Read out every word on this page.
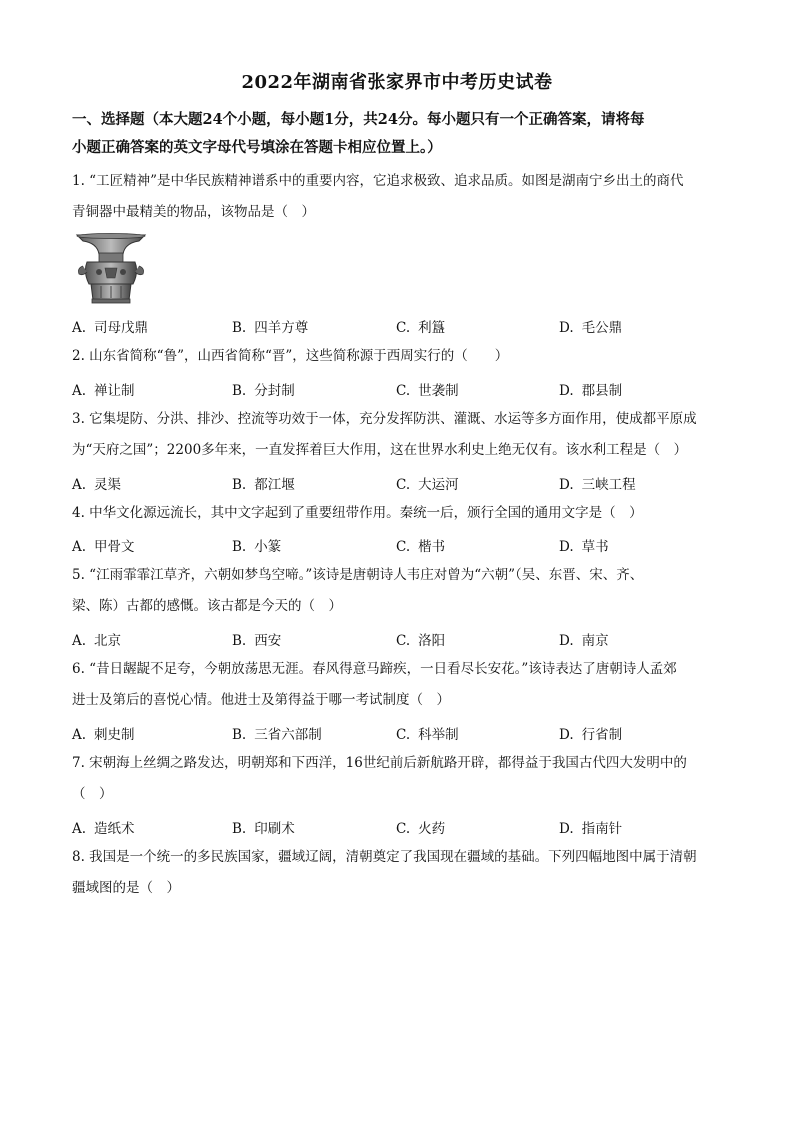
2022年湖南省张家界市中考历史试卷
一、选择题（本大题24个小题，每小题1分，共24分。每小题只有一个正确答案，请将每
小题正确答案的英文字母代号填涂在答题卡相应位置上。）
1. “工匠精神”是中华民族精神谱系中的重要内容，它追求极致、追求品质。如图是湖南宁乡出土的商代
青铜器中最精美的物品，该物品是（　）
A. 司母戊鼎	B. 四羊方尊	C. 利簋	D. 毛公鼎
2. 山东省简称“鲁”，山西省简称“晋”，这些简称源于西周实行的（　　）
A. 禅让制	B. 分封制	C. 世袭制	D. 郡县制
3. 它集堤防、分洪、排沙、控流等功效于一体，充分发挥防洪、灌溉、水运等多方面作用，使成都平原成
为“天府之国”；2200多年来，一直发挥着巨大作用，这在世界水利史上绝无仅有。该水利工程是（　）
A. 灵渠	B. 都江堰	C. 大运河	D. 三峡工程
4. 中华文化源远流长，其中文字起到了重要纽带作用。秦统一后，颁行全国的通用文字是（　）
A. 甲骨文	B. 小篆	C. 楷书	D. 草书
5. “江雨霏霏江草齐，六朝如梦鸟空啼。”该诗是唐朝诗人韦庄对曾为“六朝”（吴、东晋、宋、齐、
梁、陈）古都的感慨。该古都是今天的（　）
A. 北京	B. 西安	C. 洛阳	D. 南京
6. “昔日龌龊不足夸，今朝放荡思无涯。春风得意马蹄疾，一日看尽长安花。”该诗表达了唐朝诗人孟郊
进士及第后的喜悦心情。他进士及第得益于哪一考试制度（　）
A. 刺史制	B. 三省六部制	C. 科举制	D. 行省制
7. 宋朝海上丝绸之路发达，明朝郑和下西洋，16世纪前后新航路开辟，都得益于我国古代四大发明中的
（　）
A. 造纸术	B. 印刷术	C. 火药	D. 指南针
8. 我国是一个统一的多民族国家，疆域辽阔，清朝奠定了我国现在疆域的基础。下列四幅地图中属于清朝
疆域图的是（　）
